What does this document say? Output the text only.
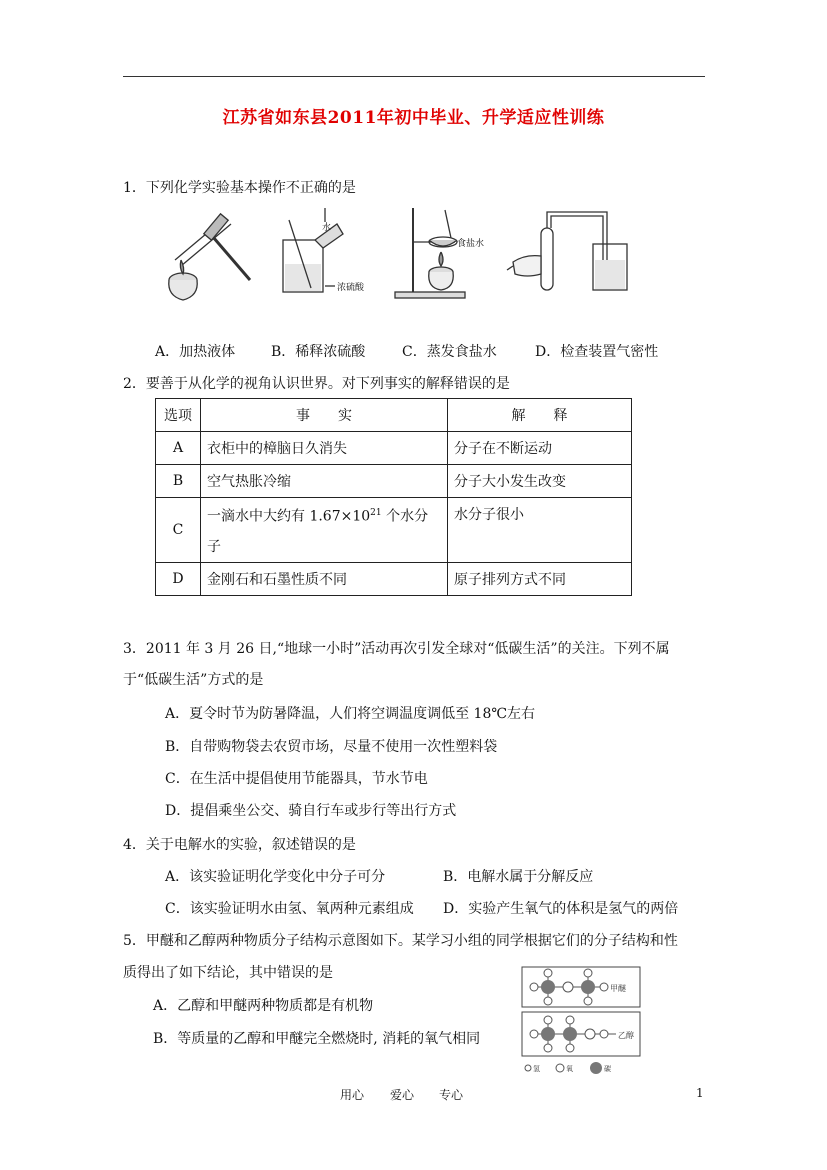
江苏省如东县2011年初中毕业、升学适应性训练
1．下列化学实验基本操作不正确的是
水
浓硫酸
食盐水
A．加热液体	B．稀释浓硫酸	C．蒸发食盐水	D．检查装置气密性
2．要善于从化学的视角认识世界。对下列事实的解释错误的是
选项	事　　实	解　　释
A	衣柜中的樟脑日久消失	分子在不断运动
B	空气热胀冷缩	分子大小发生改变
C	一滴水中大约有 $1.67\times 10^{21}$ 个水分子	水分子很小
D	金刚石和石墨性质不同	原子排列方式不同
3．2011 年 3 月 26 日,“地球一小时”活动再次引发全球对“低碳生活”的关注。下列不属
于“低碳生活”方式的是
A．夏令时节为防暑降温，人们将空调温度调低至 18℃左右
B．自带购物袋去农贸市场，尽量不使用一次性塑料袋
C．在生活中提倡使用节能器具，节水节电
D．提倡乘坐公交、骑自行车或步行等出行方式
4．关于电解水的实验，叙述错误的是
A．该实验证明化学变化中分子可分	B．电解水属于分解反应
C．该实验证明水由氢、氧两种元素组成 D．实验产生氧气的体积是氢气的两倍
5．甲醚和乙醇两种物质分子结构示意图如下。某学习小组的同学根据它们的分子结构和性
质得出了如下结论，其中错误的是
A．乙醇和甲醚两种物质都是有机物
B．等质量的乙醇和甲醚完全燃烧时, 消耗的氧气相同
甲醚
乙醇
氢	氧	碳
用心 爱心 专心	1
